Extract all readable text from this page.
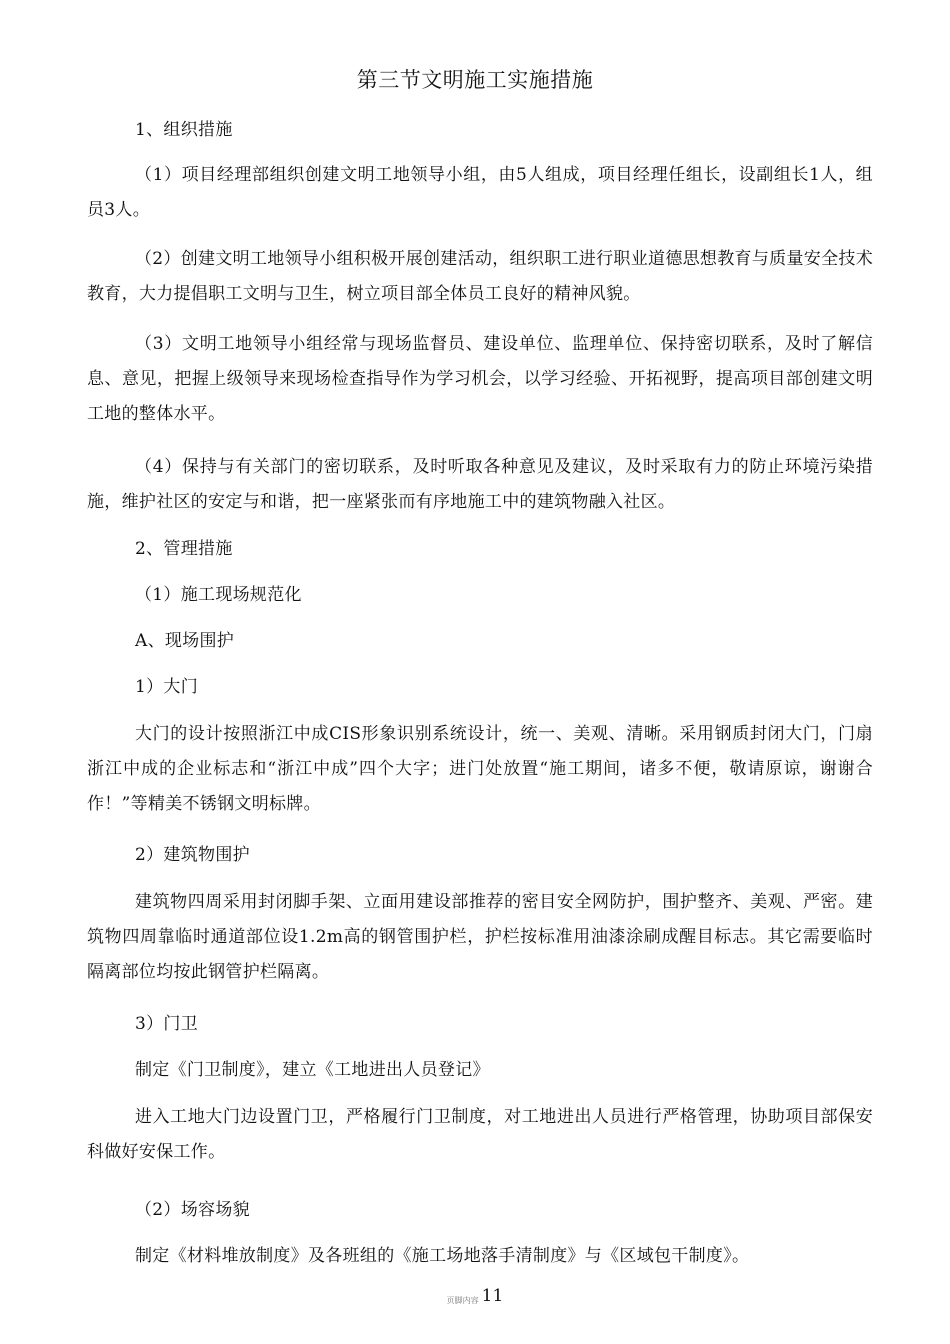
第三节文明施工实施措施
1、组织措施
（1）项目经理部组织创建文明工地领导小组，由5人组成，项目经理任组长，设副组长1人，组员3人。
（2）创建文明工地领导小组积极开展创建活动，组织职工进行职业道德思想教育与质量安全技术教育，大力提倡职工文明与卫生，树立项目部全体员工良好的精神风貌。
（3）文明工地领导小组经常与现场监督员、建设单位、监理单位、保持密切联系，及时了解信息、意见，把握上级领导来现场检查指导作为学习机会，以学习经验、开拓视野，提高项目部创建文明工地的整体水平。
（4）保持与有关部门的密切联系，及时听取各种意见及建议，及时采取有力的防止环境污染措施，维护社区的安定与和谐，把一座紧张而有序地施工中的建筑物融入社区。
2、管理措施
（1）施工现场规范化
A、现场围护
1）大门
大门的设计按照浙江中成CIS形象识别系统设计，统一、美观、清晰。采用钢质封闭大门，门扇浙江中成的企业标志和“浙江中成”四个大字；进门处放置“施工期间，诸多不便，敬请原谅，谢谢合作！”等精美不锈钢文明标牌。
2）建筑物围护
建筑物四周采用封闭脚手架、立面用建设部推荐的密目安全网防护，围护整齐、美观、严密。建筑物四周靠临时通道部位设1.2m高的钢管围护栏，护栏按标准用油漆涂刷成醒目标志。其它需要临时隔离部位均按此钢管护栏隔离。
3）门卫
制定《门卫制度》，建立《工地进出人员登记》
进入工地大门边设置门卫，严格履行门卫制度，对工地进出人员进行严格管理，协助项目部保安科做好安保工作。
（2）场容场貌
制定《材料堆放制度》及各班组的《施工场地落手清制度》与《区域包干制度》。
页脚内容 11
